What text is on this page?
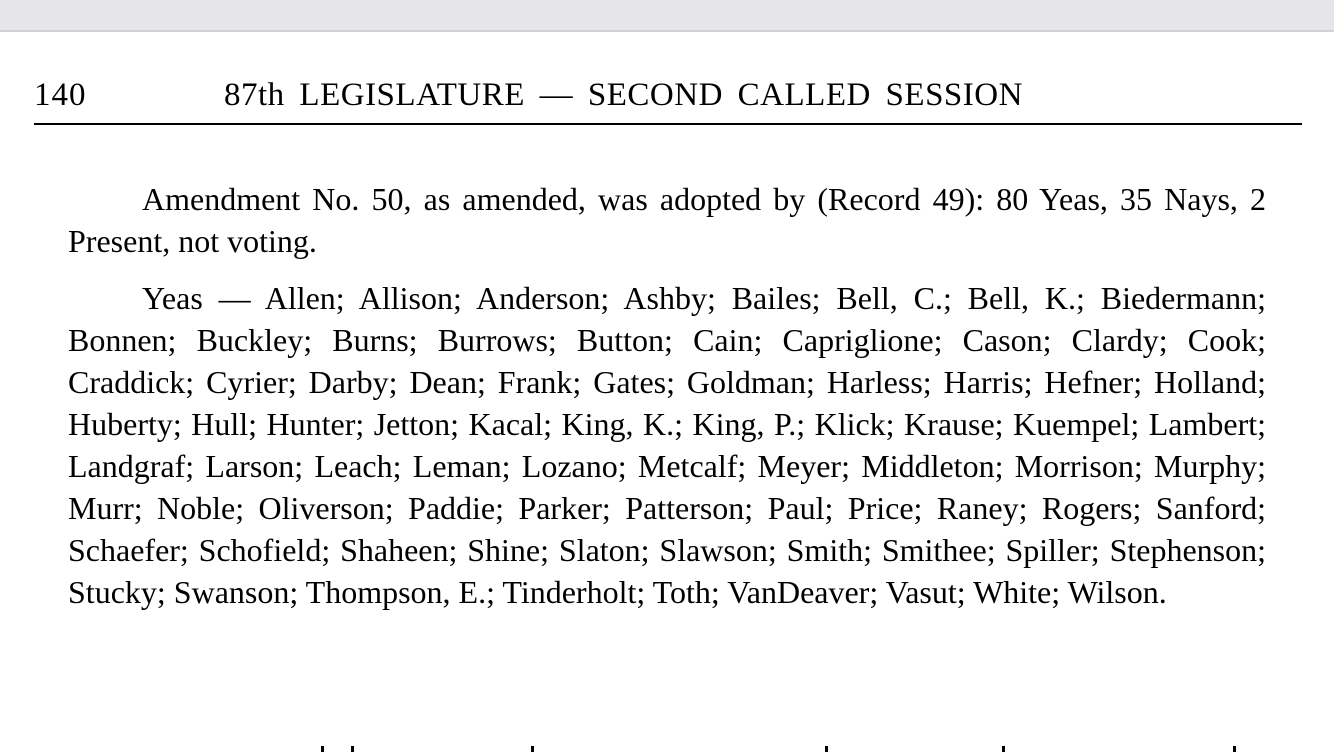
140	87th LEGISLATURE — SECOND CALLED SESSION

Amendment No. 50, as amended, was adopted by (Record 49): 80 Yeas, 35 Nays, 2 Present, not voting.

Yeas — Allen; Allison; Anderson; Ashby; Bailes; Bell, C.; Bell, K.; Biedermann; Bonnen; Buckley; Burns; Burrows; Button; Cain; Capriglione; Cason; Clardy; Cook; Craddick; Cyrier; Darby; Dean; Frank; Gates; Goldman; Harless; Harris; Hefner; Holland; Huberty; Hull; Hunter; Jetton; Kacal; King, K.; King, P.; Klick; Krause; Kuempel; Lambert; Landgraf; Larson; Leach; Leman; Lozano; Metcalf; Meyer; Middleton; Morrison; Murphy; Murr; Noble; Oliverson; Paddie; Parker; Patterson; Paul; Price; Raney; Rogers; Sanford; Schaefer; Schofield; Shaheen; Shine; Slaton; Slawson; Smith; Smithee; Spiller; Stephenson; Stucky; Swanson; Thompson, E.; Tinderholt; Toth; VanDeaver; Vasut; White; Wilson.
